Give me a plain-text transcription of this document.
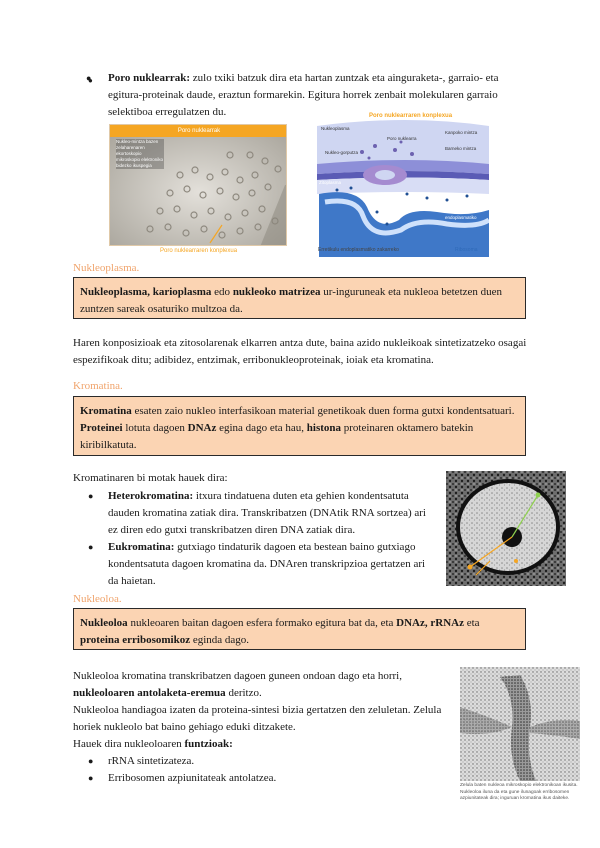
Poro nuklearrak: zulo txiki batzuk dira eta hartan zuntzak eta ainguraketa-, garraio- eta egitura-proteinak daude, eraztun formarekin. Egitura horrek zenbait molekularen garraio selektiboa erregulatzen du.
●
Poro nuklearrak
Nukleo-mintza bazen zelaharenaren ekortoskopio mikroskopio elektroniko bidezko ikuspegia
Poro nuklearraren konplexua
Poro nuklearraren konplexua
Nukleoplasma
Poro nuklearra
Kanpoko mintza
Barneko mintza
Nukleo-gorputza
Zitoplasma
Erretikulu endoplasmatiko
Erretikulu endoplasmatiko zakarreko	Ribosoma
Nukleoplasma.
Nukleoplasma, karioplasma edo nukleoko matrizea ur-inguruneak eta nukleoa betetzen duen zuntzen sareak osaturiko multzoa da.
Haren konposizioak eta zitosolarenak elkarren antza dute, baina azido nukleikoak sintetizatzeko osagai espezifikoak ditu; adibidez, entzimak, erribonukleoproteinak, ioiak eta kromatina.
Kromatina.
Kromatina esaten zaio nukleo interfasikoan material genetikoak duen forma gutxi kondentsatuari. Proteinei lotuta dagoen DNAz egina dago eta hau, histona proteinaren oktamero batekin kiribilkatuta.
Kromatinaren bi motak hauek dira:
● Heterokromatina: itxura tindatuena duten eta gehien kondentsatuta dauden kromatina zatiak dira. Transkribatzen (DNAtik RNA sortzea) ari ez diren edo gutxi transkribatzen diren DNA zatiak dira.
● Eukromatina: gutxiago tindaturik dagoen eta bestean baino gutxiago kondentsatuta dagoen kromatina da. DNAren transkripzioa gertatzen ari da haietan.
Nukleoloa.
Nukleoloa nukleoaren baitan dagoen esfera formako egitura bat da, eta DNAz, rRNAz eta proteina erribosomikoz eginda dago.
Nukleoloa kromatina transkribatzen dagoen guneen ondoan dago eta horri,
nukleoloaren antolaketa-eremua deritzo.
Nukleoloa handiagoa izaten da proteina-sintesi bizia gertatzen den zeluletan. Zelula horiek nukleolo bat baino gehiago eduki ditzakete.
Hauek dira nukleoloaren funtzioak:
● rRNA sintetizateza.
● Erribosomen azpiunitateak antolatzea.
Zelula baten nukleoa mikroskopio elektronikoan ikusita. Nukleoloa iluna da eta gune ilunagoak erribosomen azpiunitateak dira; inguruan kromatina ikus daiteke.
